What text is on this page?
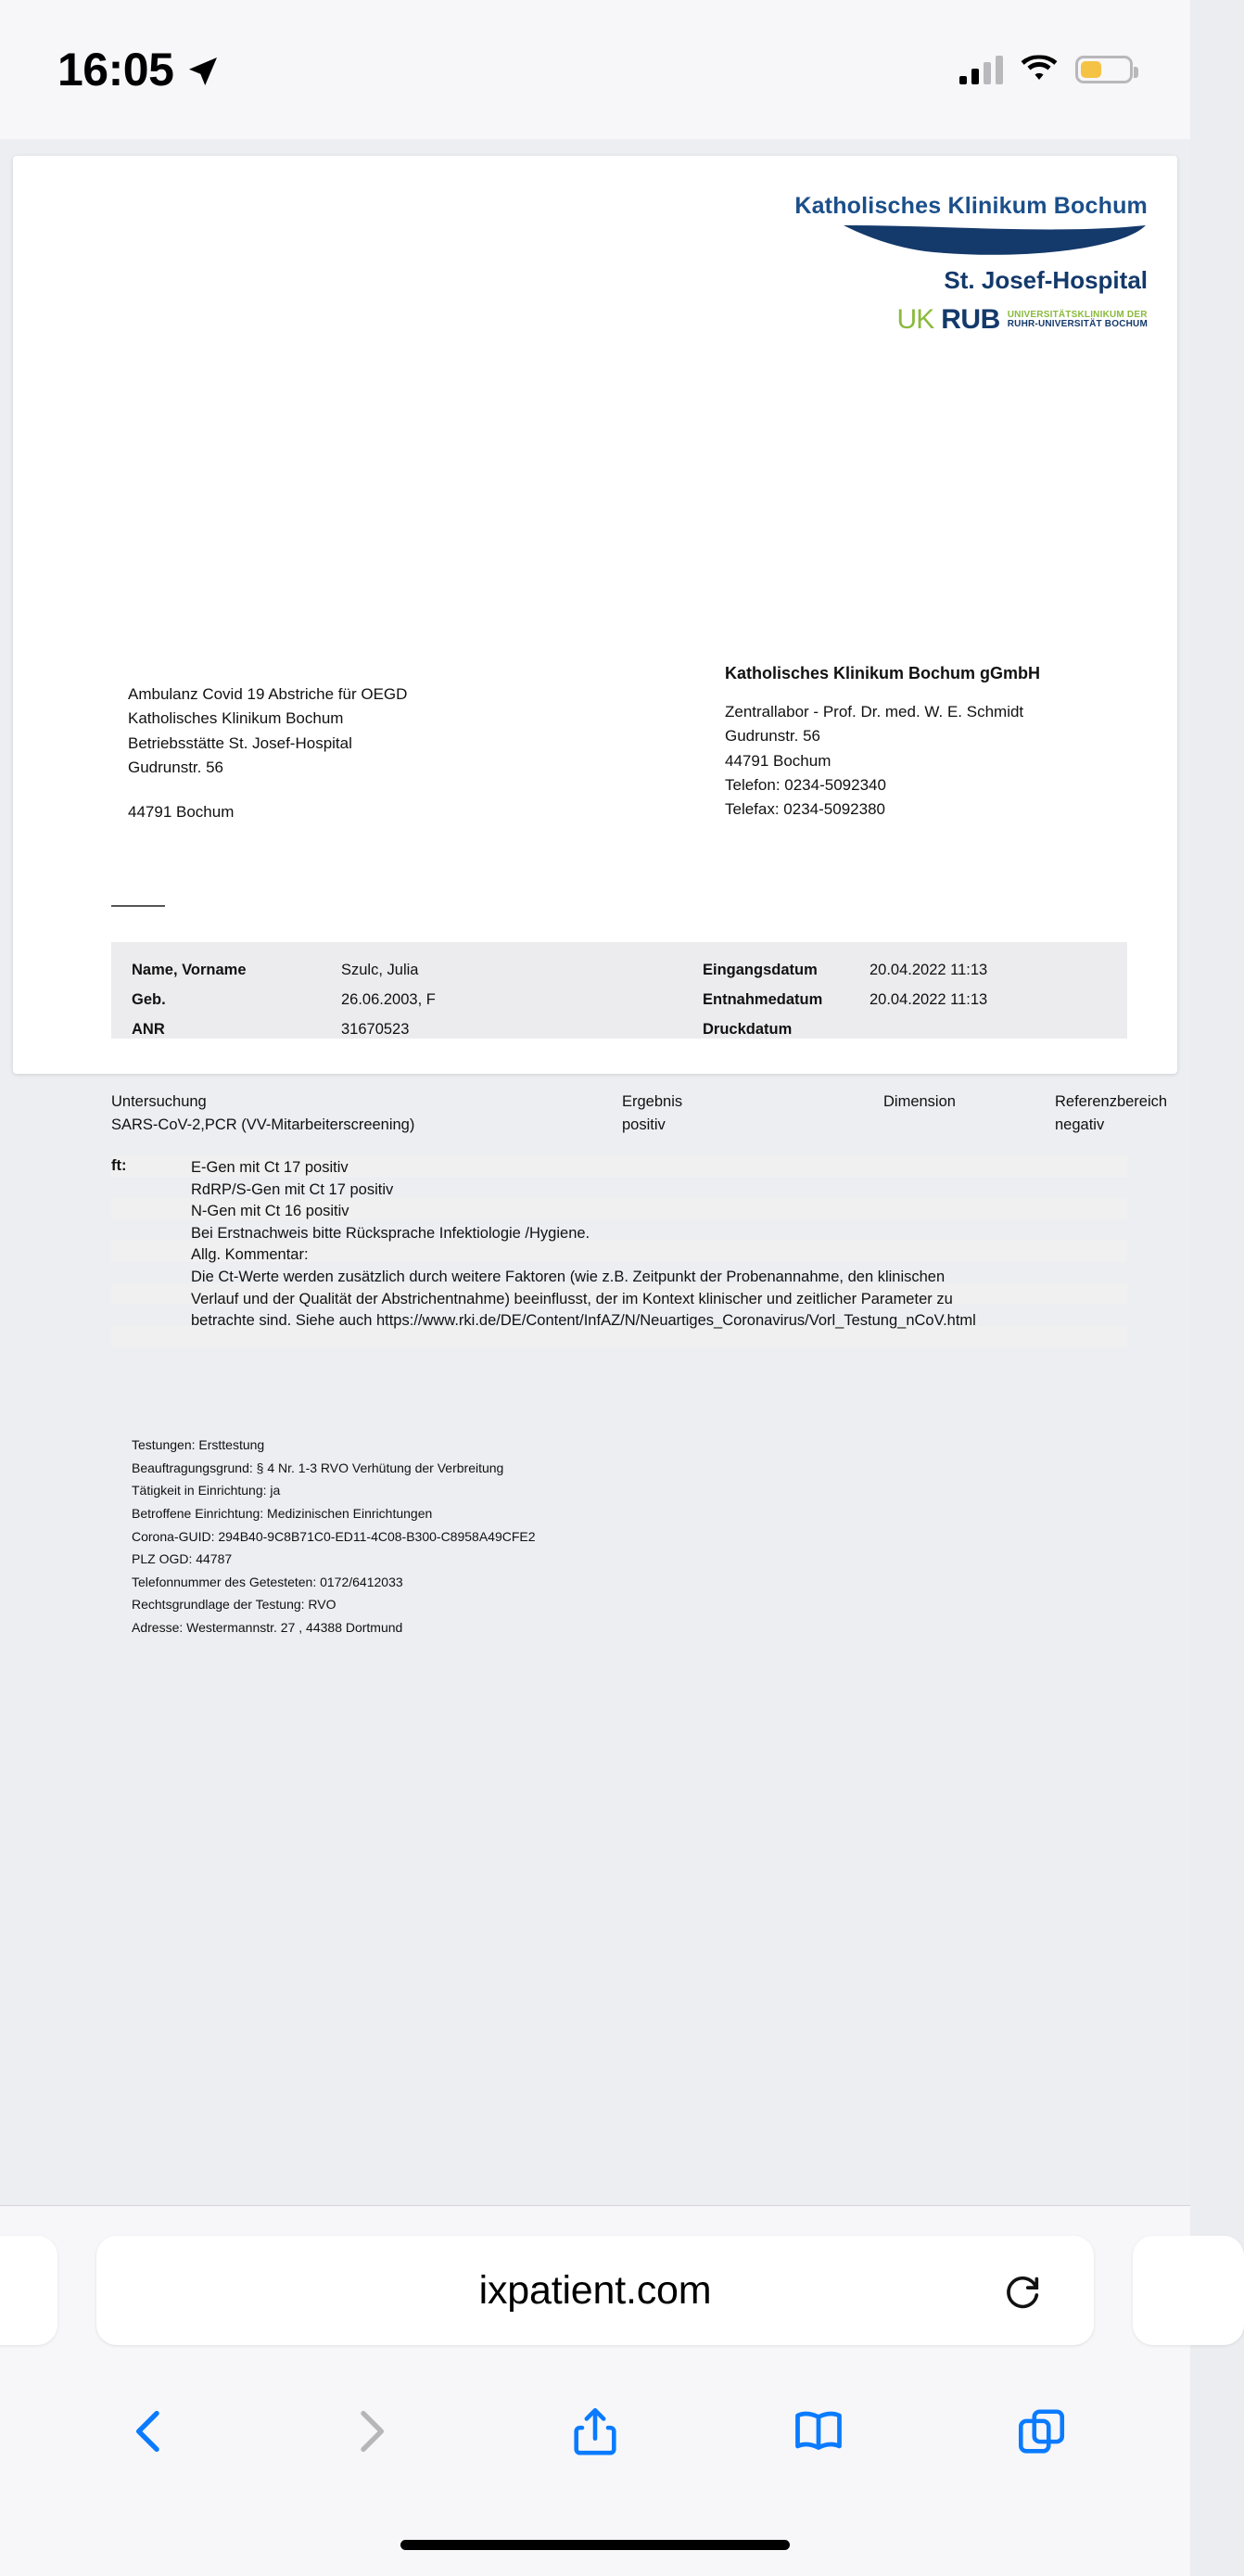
16:05
Katholisches Klinikum Bochum
St. Josef-Hospital
UK RUB UNIVERSITÄTSKLINIKUM DER
RUHR-UNIVERSITÄT BOCHUM
Ambulanz Covid 19 Abstriche für OEGD
Katholisches Klinikum Bochum
Betriebsstätte St. Josef-Hospital
Gudrunstr. 56
44791 Bochum
Katholisches Klinikum Bochum gGmbH
Zentrallabor - Prof. Dr. med. W. E. Schmidt
Gudrunstr. 56
44791 Bochum
Telefon: 0234-5092340
Telefax: 0234-5092380
Name, Vorname
Geb.
ANR
Szulc, Julia
26.06.2003, F
31670523
Eingangsdatum
Entnahmedatum
Druckdatum
20.04.2022 11:13
20.04.2022 11:13
Untersuchung
SARS-CoV-2,PCR (VV-Mitarbeiterscreening)
Ergebnis
positiv
Dimension	Referenzbereich
negativ
ft:	E-Gen mit Ct 17 positiv
RdRP/S-Gen mit Ct 17 positiv
N-Gen mit Ct 16 positiv
Bei Erstnachweis bitte Rücksprache Infektiologie /Hygiene.
Allg. Kommentar:
Die Ct-Werte werden zusätzlich durch weitere Faktoren (wie z.B. Zeitpunkt der Probenannahme, den klinischen
Verlauf und der Qualität der Abstrichentnahme) beeinflusst, der im Kontext klinischer und zeitlicher Parameter zu
betrachte sind. Siehe auch https://www.rki.de/DE/Content/InfAZ/N/Neuartiges_Coronavirus/Vorl_Testung_nCoV.html
Testungen: Ersttestung
Beauftragungsgrund: § 4 Nr. 1-3 RVO Verhütung der Verbreitung
Tätigkeit in Einrichtung: ja
Betroffene Einrichtung: Medizinischen Einrichtungen
Corona-GUID: 294B40-9C8B71C0-ED11-4C08-B300-C8958A49CFE2
PLZ OGD: 44787
Telefonnummer des Getesteten: 0172/6412033
Rechtsgrundlage der Testung: RVO
Adresse: Westermannstr. 27 , 44388 Dortmund
ixpatient.com
